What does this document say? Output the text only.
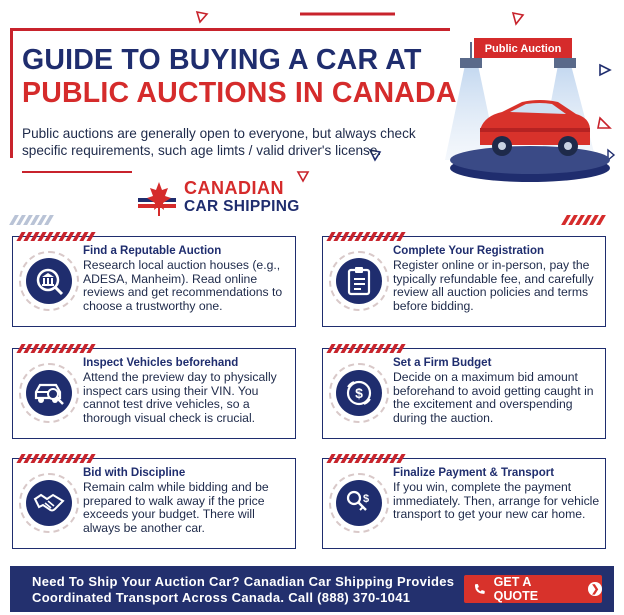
GUIDE TO BUYING A CAR AT
PUBLIC AUCTIONS IN CANADA
Public auctions are generally open to everyone, but always check specific requirements, such age limts / valid driver's license.
Public Auction
CANADIAN
CAR SHIPPING
Find a Reputable Auction

Research local auction houses (e.g., ADESA, Manheim). Read online reviews and get recommendations to choose a trustworthy one.

Complete Your Registration

Register online or in-person, pay the typically refundable fee, and carefully review all auction policies and terms before bidding.

Inspect Vehicles beforehand

Attend the preview day to physically inspect cars using their VIN. You cannot test drive vehicles, so a thorough visual check is crucial.

$
Set a Firm Budget

Decide on a maximum bid amount beforehand to avoid getting caught in the excitement and overspending during the auction.

Bid with Discipline

Remain calm while bidding and be prepared to walk away if the price exceeds your budget. There will always be another car.

$
Finalize Payment & Transport

If you win, complete the payment immediately. Then, arrange for vehicle transport to get your new car home.

Need To Ship Your Auction Car? Canadian Car Shipping Provides
Coordinated Transport Across Canada. Call (888) 370-1041
GET A QUOTE	❯
